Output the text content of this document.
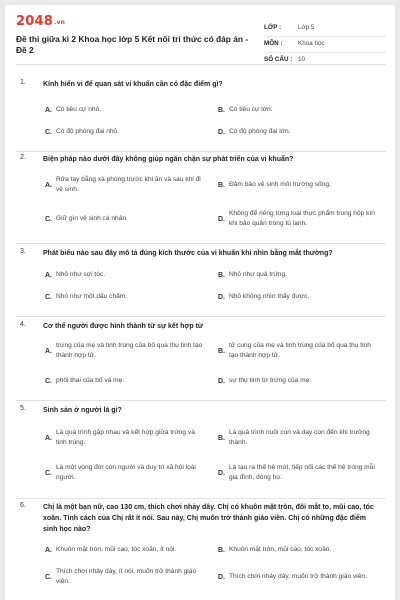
2048.vn
Đề thi giữa kì 2 Khoa học lớp 5 Kết nối tri thức có đáp án - Đề 2
LỚP :	Lớp 5
MÔN : Khoa học
SỐ CÂU : 10
1. Kính hiển vi để quan sát vi khuẩn cần có đặc điểm gì?
A. Có tiêu cự nhỏ.	B. Có tiêu cự lớn.
C. Có độ phóng đại nhỏ.	D. Có độ phóng đại lớn.
2. Biện pháp nào dưới đây không giúp ngăn chặn sự phát triển của vi khuẩn?
A.
Rửa tay bằng xà phòng trước khi ăn và sau khi đi vệ sinh.
B. Đảm bảo vệ sinh môi trường sống.
C. Giữ gìn vệ sinh cá nhân.	D.
Không để riêng từng loại thực phẩm trong hộp kín khi bảo quản trong tủ lạnh.
3. Phát biểu nào sau đây mô tả đúng kích thước của vi khuẩn khi nhìn bằng mắt thường?
A. Nhỏ như sợi tóc.	B. Nhỏ như quả trứng.
C. Nhỏ như một dấu chấm.	D. Nhỏ không nhìn thấy được.
4. Cơ thể người được hình thành từ sự kết hợp từ
A.
trứng của mẹ và tinh trùng của bố qua thụ tinh tạo thành hợp tử.
B.
tử cung của mẹ và tinh trùng của bố qua thụ tinh tạo thành hợp tử.
C. phôi thai của bố và mẹ.	D. sự thụ tinh từ trứng của mẹ.
5. Sinh sản ở người là gì?
A.
Là quá trình gặp nhau và kết hợp giữa trứng và tinh trùng.
B.
Là quá trình nuôi con và dạy con đến khi trưởng thành.
C.
Là một vòng đời con người và duy trì xã hội loài người.
D.
Là tạo ra thế hệ mới, tiếp nối các thế hệ trong mỗi gia đình, dòng họ.
6. Chị là một bạn nữ, cao 130 cm, thích chơi nhảy dây. Chị có khuôn mặt tròn, đôi mắt to, mũi cao, tóc xoăn. Tính cách của Chị rất ít nói. Sau này, Chị muốn trở thành giáo viên. Chị có những đặc điểm sinh học nào?
A. Khuôn mặt tròn, mũi cao, tóc xoăn, ít nói.	B. Khuôn mặt tròn, mũi cao, tóc xoăn.
C.
Thích chơi nhảy dây, ít nói, muốn trở thành giáo viên.
D. Thích chơi nhảy dây, muốn trở thành giáo viên.
